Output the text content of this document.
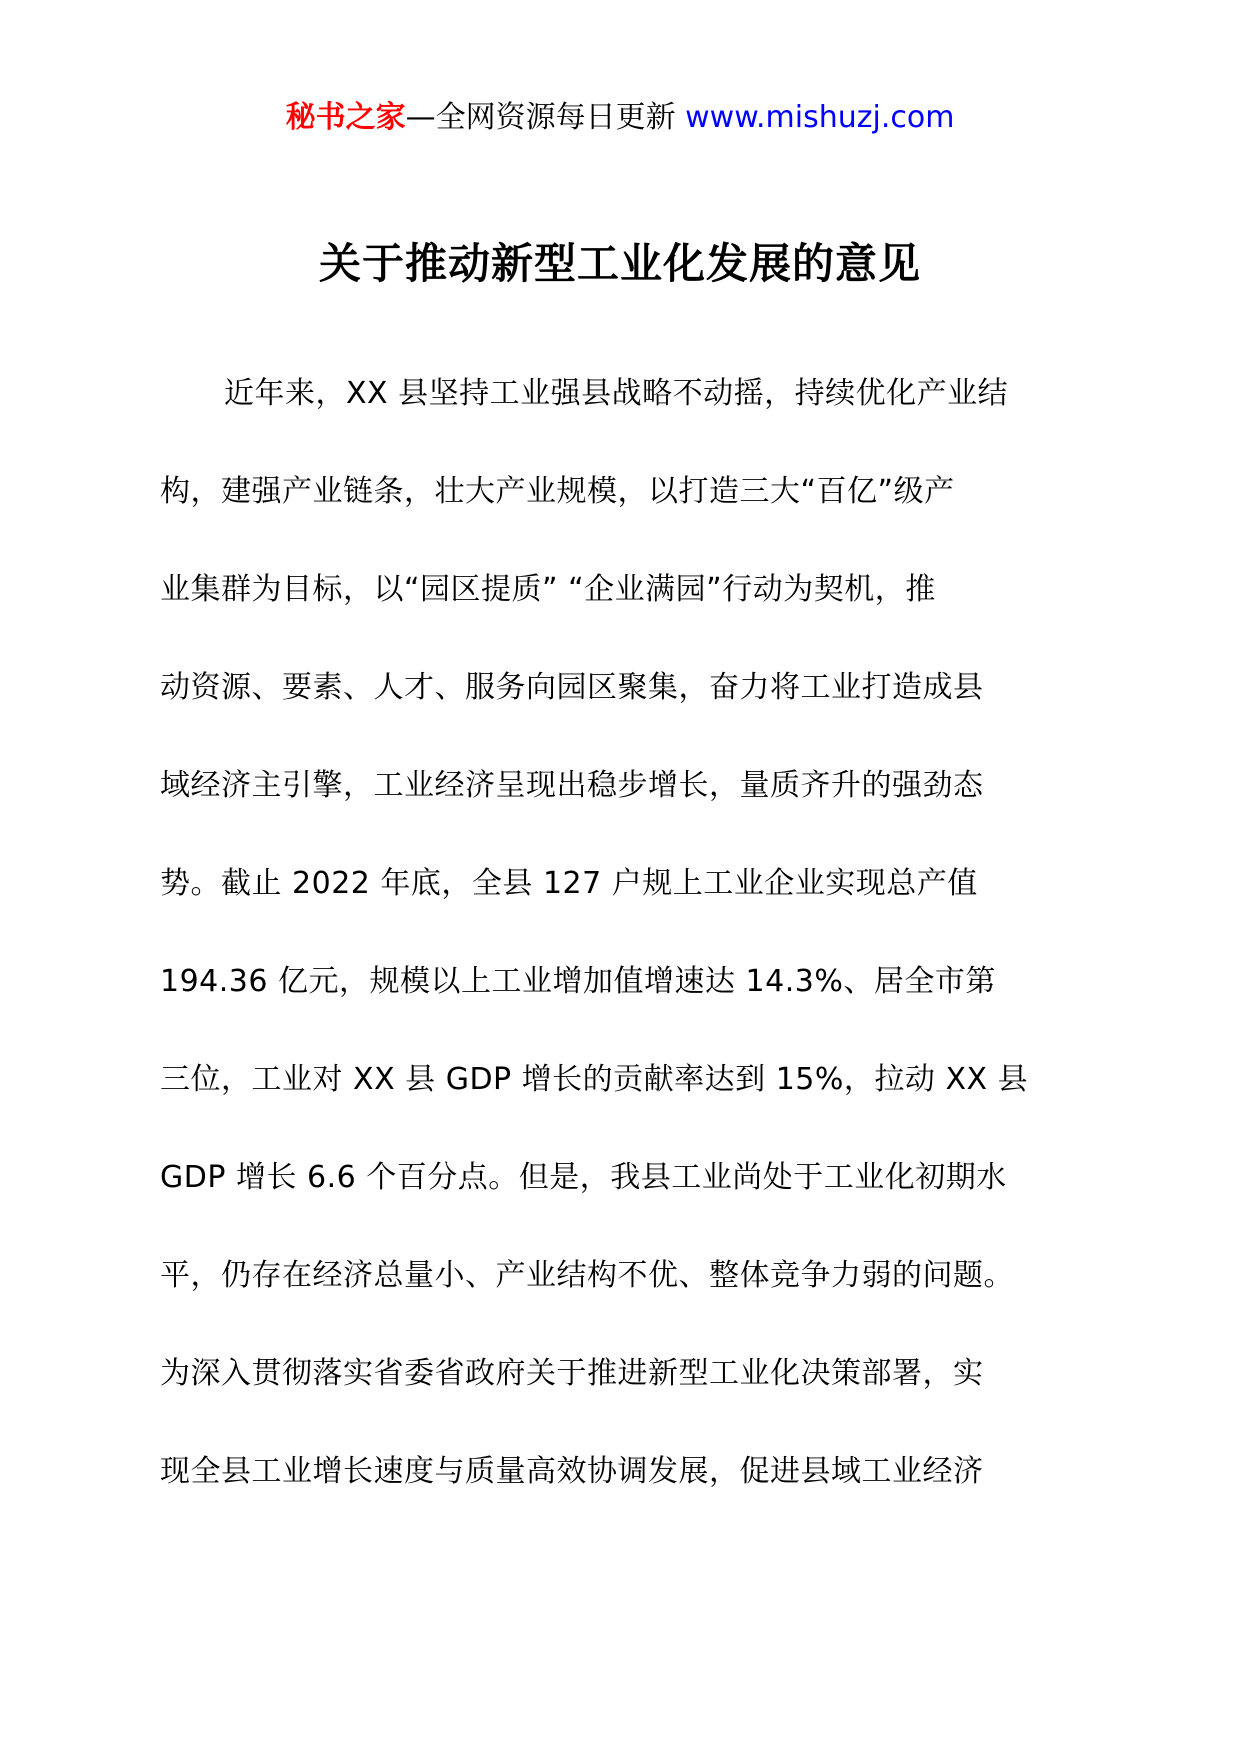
秘书之家—全网资源每日更新 www.mishuzj.com
关于推动新型工业化发展的意见
近年来，XX 县坚持工业强县战略不动摇，持续优化产业结
构，建强产业链条，壮大产业规模，以打造三大“百亿”级产
业集群为目标，以“园区提质” “企业满园”行动为契机，推
动资源、要素、人才、服务向园区聚集，奋力将工业打造成县
域经济主引擎，工业经济呈现出稳步增长，量质齐升的强劲态
势。截止 2022 年底，全县 127 户规上工业企业实现总产值
194.36 亿元，规模以上工业增加值增速达 14.3%、居全市第
三位，工业对 XX 县 GDP 增长的贡献率达到 15%，拉动 XX 县
GDP 增长 6.6 个百分点。但是，我县工业尚处于工业化初期水
平，仍存在经济总量小、产业结构不优、整体竞争力弱的问题。
为深入贯彻落实省委省政府关于推进新型工业化决策部署，实
现全县工业增长速度与质量高效协调发展，促进县域工业经济
